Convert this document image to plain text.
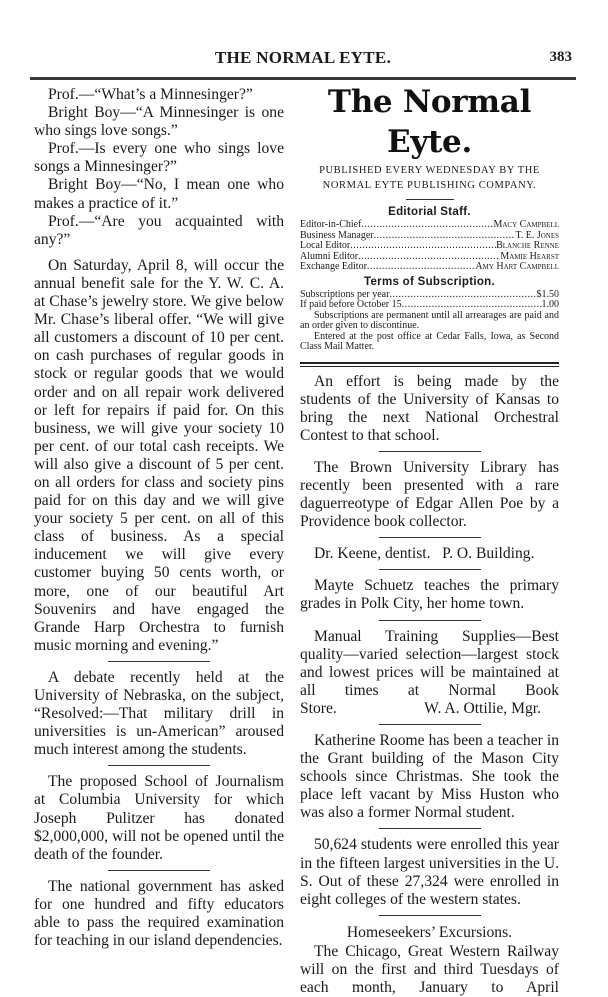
THE NORMAL EYTE.	383

Prof.—“What’s a Minnesinger?”

Bright Boy—“A Minnesinger is one who sings love songs.”

Prof.—Is every one who sings love songs a Minnesinger?”

Bright Boy—“No, I mean one who makes a practice of it.”

Prof.—“Are you acquainted with any?”

On Saturday, April 8, will occur the annual benefit sale for the Y. W. C. A. at Chase’s jewelry store. We give below Mr. Chase’s liberal offer. “We will give all customers a discount of 10 per cent. on cash purchases of regular goods in stock or regular goods that we would order and on all repair work delivered or left for repairs if paid for. On this business, we will give your society 10 per cent. of our total cash receipts. We will also give a discount of 5 per cent. on all orders for class and society pins paid for on this day and we will give your society 5 per cent. on all of this class of business. As a special inducement we will give every customer buying 50 cents worth, or more, one of our beautiful Art Souvenirs and have engaged the Grande Harp Orchestra to furnish music morning and evening.”

A debate recently held at the University of Nebraska, on the subject, “Resolved:—That military drill in universities is un-American” aroused much interest among the students.

The proposed School of Journalism at Columbia University for which Joseph Pulitzer has donated $2,000,000, will not be opened until the death of the founder.

The national government has asked for one hundred and fifty educators able to pass the required examination for teaching in our island dependencies.

The Normal Eyte.
PUBLISHED EVERY WEDNESDAY BY THE
NORMAL EYTE PUBLISHING COMPANY.
Editorial Staff.
Editor-in-Chief .....	Macy Campbell
Business Manager .....	T. E. Jones
Local Editor .....	Blanche Renne
Alumni Editor .....	Mamie Hearst
Exchange Editor .....	Amy Hart Campbell
Terms of Subscription.
Subscriptions per year .....	$1.50
If paid before October 15 .....	1.00
Subscriptions are permanent until all arrearages are paid and an order given to discontinue.
Entered at the post office at Cedar Falls, Iowa, as Second Class Mail Matter.

An effort is being made by the students of the University of Kansas to bring the next National Orchestral Contest to that school.

The Brown University Library has recently been presented with a rare daguerreotype of Edgar Allen Poe by a Providence book collector.

Dr. Keene, dentist.   P. O. Building.

Mayte Schuetz teaches the primary grades in Polk City, her home town.

Manual Training Supplies—Best quality—varied selection—largest stock and lowest prices will be maintained at all times at Normal Book

Store.	W. A. Ottilie, Mgr.

Katherine Roome has been a teacher in the Grant building of the Mason City schools since Christmas. She took the place left vacant by Miss Huston who was also a former Normal student.

50,624 students were enrolled this year in the fifteen largest universities in the U. S. Out of these 27,324 were enrolled in eight colleges of the western states.

Homeseekers’ Excursions.

The Chicago, Great Western Railway will on the first and third Tuesdays of each month, January to April
